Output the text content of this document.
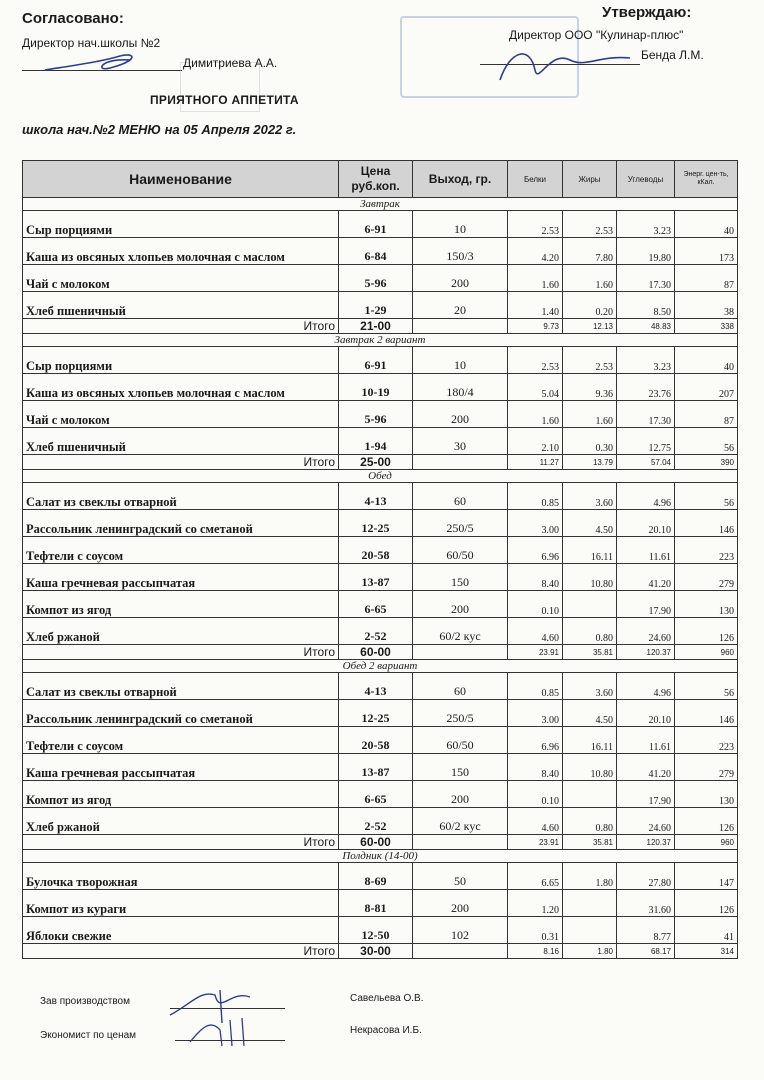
Согласовано:
Директор нач.школы №2
Димитриева А.А.
Утверждаю:
Директор ООО "Кулинар-плюс"
Бенда Л.М.
ПРИЯТНОГО АППЕТИТА
школа нач.№2 МЕНЮ на 05 Апреля 2022 г.
Наименование	Цена руб.коп.	Выход, гр.	Белки	Жиры	Углеводы	Энерг. цен-ть, кКал.
Завтрак						
Сыр порциями	6-91	10	2.53	2.53	3.23	40
Каша из овсяных хлопьев молочная с маслом	6-84	150/3	4.20	7.80	19.80	173
Чай с молоком	5-96	200	1.60	1.60	17.30	87
Хлеб пшеничный	1-29	20	1.40	0.20	8.50	38
Итого	21-00		9.73	12.13	48.83	338
Завтрак 2 вариант						
Сыр порциями	6-91	10	2.53	2.53	3.23	40
Каша из овсяных хлопьев молочная с маслом	10-19	180/4	5.04	9.36	23.76	207
Чай с молоком	5-96	200	1.60	1.60	17.30	87
Хлеб пшеничный	1-94	30	2.10	0.30	12.75	56
Итого	25-00		11.27	13.79	57.04	390
Обед						
Салат из свеклы отварной	4-13	60	0.85	3.60	4.96	56
Рассольник ленинградский со сметаной	12-25	250/5	3.00	4.50	20.10	146
Тефтели с соусом	20-58	60/50	6.96	16.11	11.61	223
Каша гречневая рассыпчатая	13-87	150	8.40	10.80	41.20	279
Компот из ягод	6-65	200	0.10		17.90	130
Хлеб ржаной	2-52	60/2 кус	4.60	0.80	24.60	126
Итого	60-00		23.91	35.81	120.37	960
Обед 2 вариант						
Салат из свеклы отварной	4-13	60	0.85	3.60	4.96	56
Рассольник ленинградский со сметаной	12-25	250/5	3.00	4.50	20.10	146
Тефтели с соусом	20-58	60/50	6.96	16.11	11.61	223
Каша гречневая рассыпчатая	13-87	150	8.40	10.80	41.20	279
Компот из ягод	6-65	200	0.10		17.90	130
Хлеб ржаной	2-52	60/2 кус	4.60	0.80	24.60	126
Итого	60-00		23.91	35.81	120.37	960
Полдник (14-00)						
Булочка творожная	8-69	50	6.65	1.80	27.80	147
Компот из кураги	8-81	200	1.20		31.60	126
Яблоки свежие	12-50	102	0.31		8.77	41
Итого	30-00		8.16	1.80	68.17	314
Зав производством	Савельева О.В.
Экономист по ценам	Некрасова И.Б.
